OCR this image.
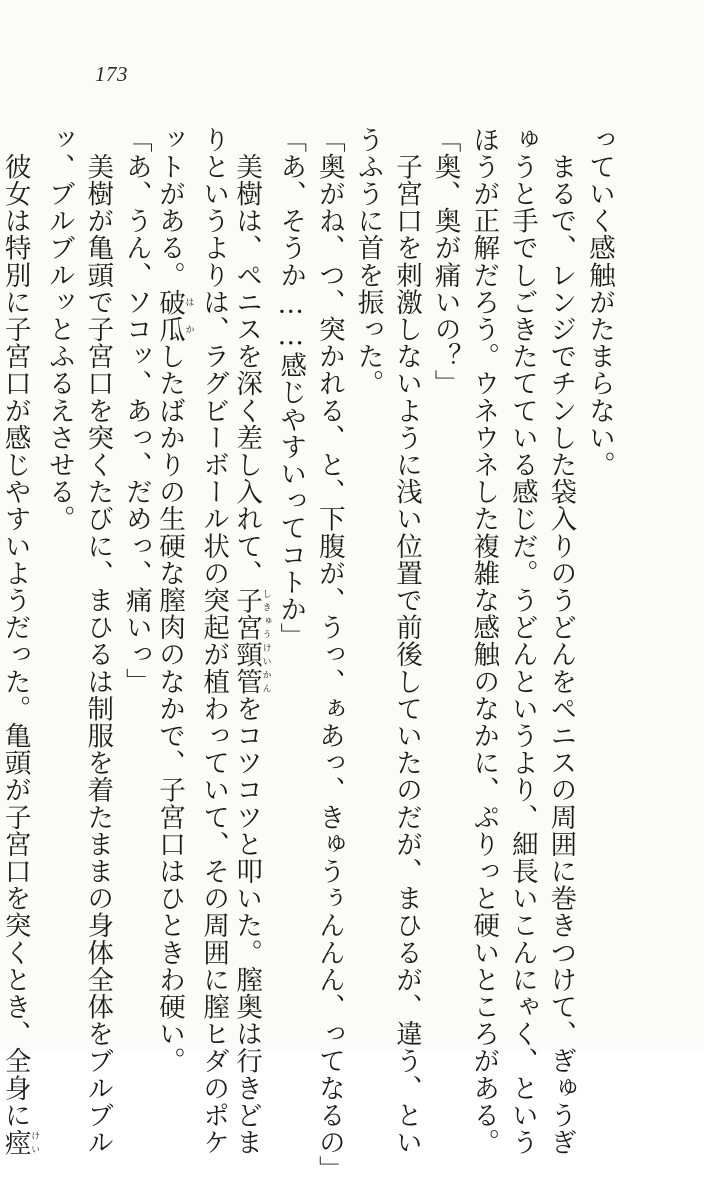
173
っていく感触がたまらない。
　まるで、レンジでチンした袋入りのうどんをペニスの周囲に巻きつけて、ぎゅうぎ
ゅうと手でしごきたてている感じだ。うどんというより、細長いこんにゃく、という
ほうが正解だろう。ウネウネした複雑な感触のなかに、ぷりっと硬いところがある。
「奥、奥が痛いの？」
　子宮口を刺激しないように浅い位置で前後していたのだが、まひるが、違う、とい
うふうに首を振った。
「奥がね、つ、突かれる、と、下腹が、うっ、ぁあっ、きゅうぅんんん、ってなるの」
「あ、そうか……感じやすいってコトか」
　美樹は、ペニスを深く差し入れて、子宮頸管しきゅうけいかんをコツコツと叩いた。膣奥は行きどま
りというよりは、ラグビーボール状の突起が植わっていて、その周囲に膣ヒダのポケ
ットがある。破瓜はかしたばかりの生硬な膣肉のなかで、子宮口はひときわ硬い。
「あ、うん、ソコッ、あっ、だめっ、痛いっ」
　美樹が亀頭で子宮口を突くたびに、まひるは制服を着たままの身体全体をブルブル
ッ、ブルブルッとふるえさせる。
　彼女は特別に子宮口が感じやすいようだった。亀頭が子宮口を突くとき、全身に痙けい
